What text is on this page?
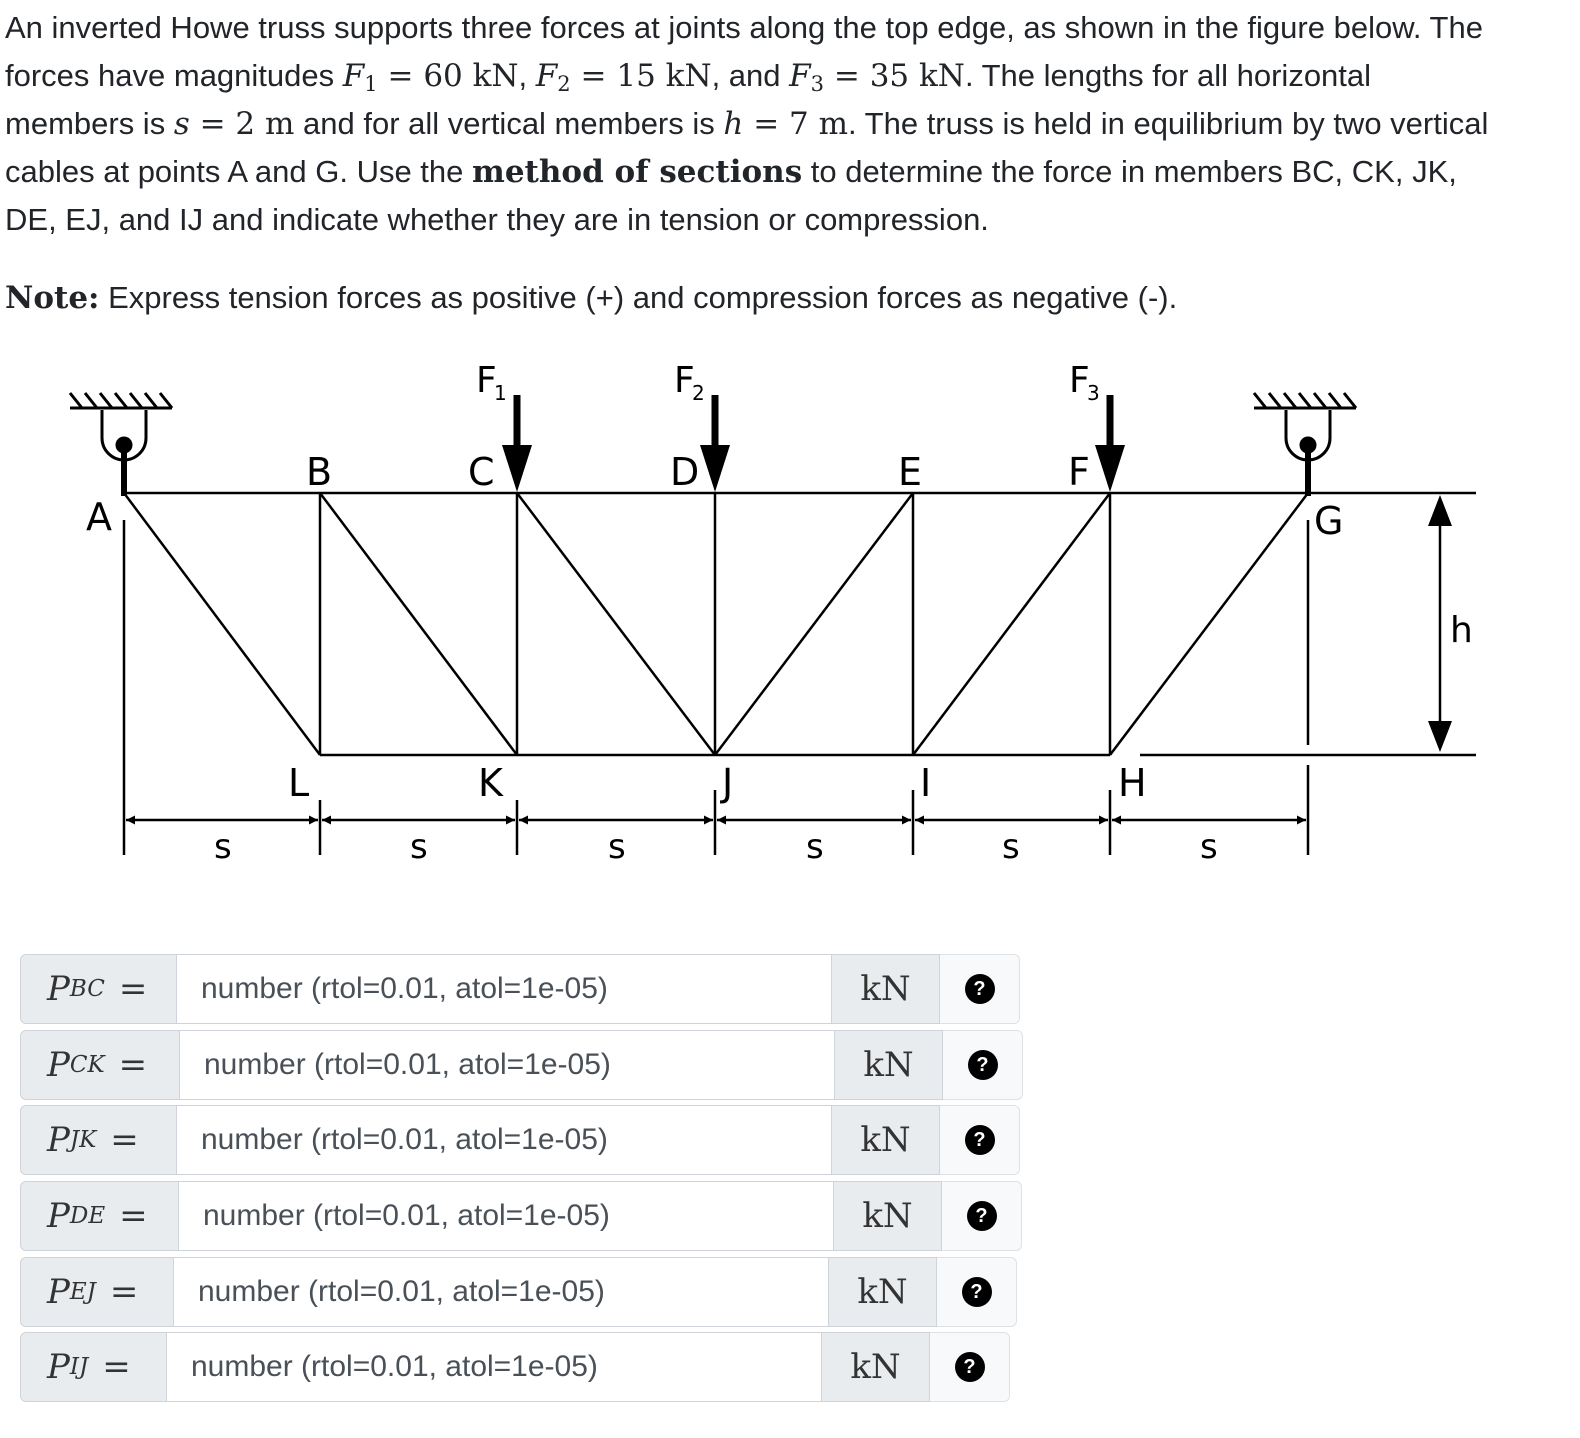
An inverted Howe truss supports three forces at joints along the top edge, as shown in the figure below. The

forces have magnitudes $F_1 = 60$ kN, $F_2 = 15$ kN, and $F_3 = 35$ kN. The lengths for all horizontal

members is s = 2 m and for all vertical members is h = 7 m. The truss is held in equilibrium by two vertical

cables at points A and G. Use the method of sections to determine the force in members BC, CK, JK,

DE, EJ, and IJ and indicate whether they are in tension or compression.

Note: Express tension forces as positive (+) and compression forces as negative (-).
A
B	C	D	E	F
G
H
I
J
K
L
F
1	F
2	F
3
s	s	s	s	s	s
h
P BC =
number (rtol=0.01, atol=1e-05)	kN	?
P CK =
number (rtol=0.01, atol=1e-05)	kN	?
P JK =
number (rtol=0.01, atol=1e-05)	kN	?
P DE =
number (rtol=0.01, atol=1e-05)	kN	?
P EJ =
number (rtol=0.01, atol=1e-05)	kN	?
P IJ =
number (rtol=0.01, atol=1e-05)	kN	?
